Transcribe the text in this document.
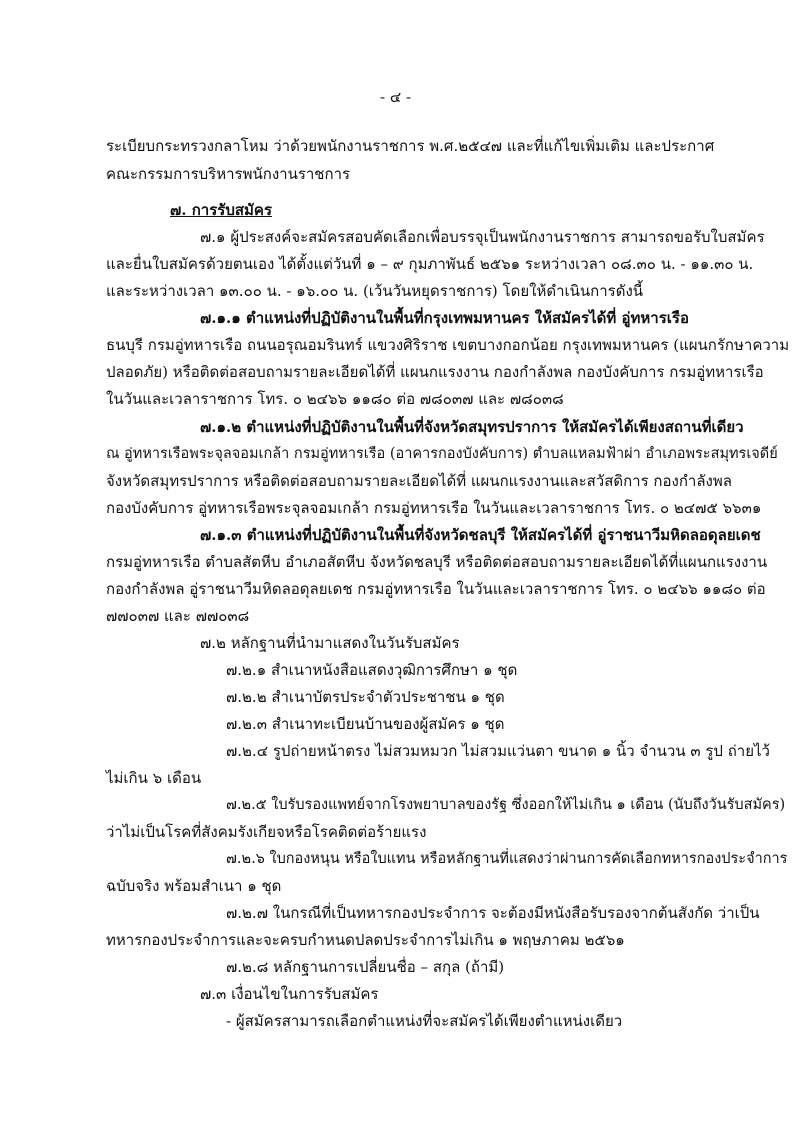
- ๔ -
ระเบียบกระทรวงกลาโหม ว่าด้วยพนักงานราชการ พ.ศ.๒๕๔๗ และที่แก้ไขเพิ่มเติม และประกาศ
คณะกรรมการบริหารพนักงานราชการ
๗. การรับสมัคร
๗.๑ ผู้ประสงค์จะสมัครสอบคัดเลือกเพื่อบรรจุเป็นพนักงานราชการ สามารถขอรับใบสมัคร
และยื่นใบสมัครด้วยตนเอง ได้ตั้งแต่วันที่ ๑ – ๙ กุมภาพันธ์ ๒๕๖๑ ระหว่างเวลา ๐๘.๓๐ น. - ๑๑.๓๐ น.
และระหว่างเวลา ๑๓.๐๐ น. - ๑๖.๐๐ น. (เว้นวันหยุดราชการ) โดยให้ดำเนินการดังนี้
๗.๑.๑ ตำแหน่งที่ปฏิบัติงานในพื้นที่กรุงเทพมหานคร ให้สมัครได้ที่ อู่ทหารเรือ
ธนบุรี กรมอู่ทหารเรือ ถนนอรุณอมรินทร์ แขวงศิริราช เขตบางกอกน้อย กรุงเทพมหานคร (แผนกรักษาความ
ปลอดภัย) หรือติดต่อสอบถามรายละเอียดได้ที่ แผนกแรงงาน กองกำลังพล กองบังคับการ กรมอู่ทหารเรือ
ในวันและเวลาราชการ โทร. ๐ ๒๔๖๖ ๑๑๘๐ ต่อ ๗๘๐๓๗ และ ๗๘๐๓๘
๗.๑.๒ ตำแหน่งที่ปฏิบัติงานในพื้นที่จังหวัดสมุทรปราการ ให้สมัครได้เพียงสถานที่เดียว
ณ อู่ทหารเรือพระจุลจอมเกล้า กรมอู่ทหารเรือ (อาคารกองบังคับการ) ตำบลแหลมฟ้าผ่า อำเภอพระสมุทรเจดีย์
จังหวัดสมุทรปราการ หรือติดต่อสอบถามรายละเอียดได้ที่ แผนกแรงงานและสวัสดิการ กองกำลังพล
กองบังคับการ อู่ทหารเรือพระจุลจอมเกล้า กรมอู่ทหารเรือ ในวันและเวลาราชการ โทร. ๐ ๒๔๗๕ ๖๖๓๑
๗.๑.๓ ตำแหน่งที่ปฏิบัติงานในพื้นที่จังหวัดชลบุรี ให้สมัครได้ที่ อู่ราชนาวีมหิดลอดุลยเดช
กรมอู่ทหารเรือ ตำบลสัตหีบ อำเภอสัตหีบ จังหวัดชลบุรี หรือติดต่อสอบถามรายละเอียดได้ที่แผนกแรงงาน
กองกำลังพล อู่ราชนาวีมหิดลอดุลยเดช กรมอู่ทหารเรือ ในวันและเวลาราชการ โทร. ๐ ๒๔๖๖ ๑๑๘๐ ต่อ
๗๗๐๓๗ และ ๗๗๐๓๘
๗.๒ หลักฐานที่นำมาแสดงในวันรับสมัคร
๗.๒.๑ สำเนาหนังสือแสดงวุฒิการศึกษา ๑ ชุด
๗.๒.๒ สำเนาบัตรประจำตัวประชาชน ๑ ชุด
๗.๒.๓ สำเนาทะเบียนบ้านของผู้สมัคร ๑ ชุด
๗.๒.๔ รูปถ่ายหน้าตรง ไม่สวมหมวก ไม่สวมแว่นตา ขนาด ๑ นิ้ว จำนวน ๓ รูป ถ่ายไว้
ไม่เกิน ๖ เดือน
๗.๒.๕ ใบรับรองแพทย์จากโรงพยาบาลของรัฐ ซึ่งออกให้ไม่เกิน ๑ เดือน (นับถึงวันรับสมัคร)
ว่าไม่เป็นโรคที่สังคมรังเกียจหรือโรคติดต่อร้ายแรง
๗.๒.๖ ใบกองหนุน หรือใบแทน หรือหลักฐานที่แสดงว่าผ่านการคัดเลือกทหารกองประจำการ
ฉบับจริง พร้อมสำเนา ๑ ชุด
๗.๒.๗ ในกรณีที่เป็นทหารกองประจำการ จะต้องมีหนังสือรับรองจากต้นสังกัด ว่าเป็น
ทหารกองประจำการและจะครบกำหนดปลดประจำการไม่เกิน ๑ พฤษภาคม ๒๕๖๑
๗.๒.๘ หลักฐานการเปลี่ยนชื่อ – สกุล (ถ้ามี)
๗.๓ เงื่อนไขในการรับสมัคร
- ผู้สมัครสามารถเลือกตำแหน่งที่จะสมัครได้เพียงตำแหน่งเดียว
